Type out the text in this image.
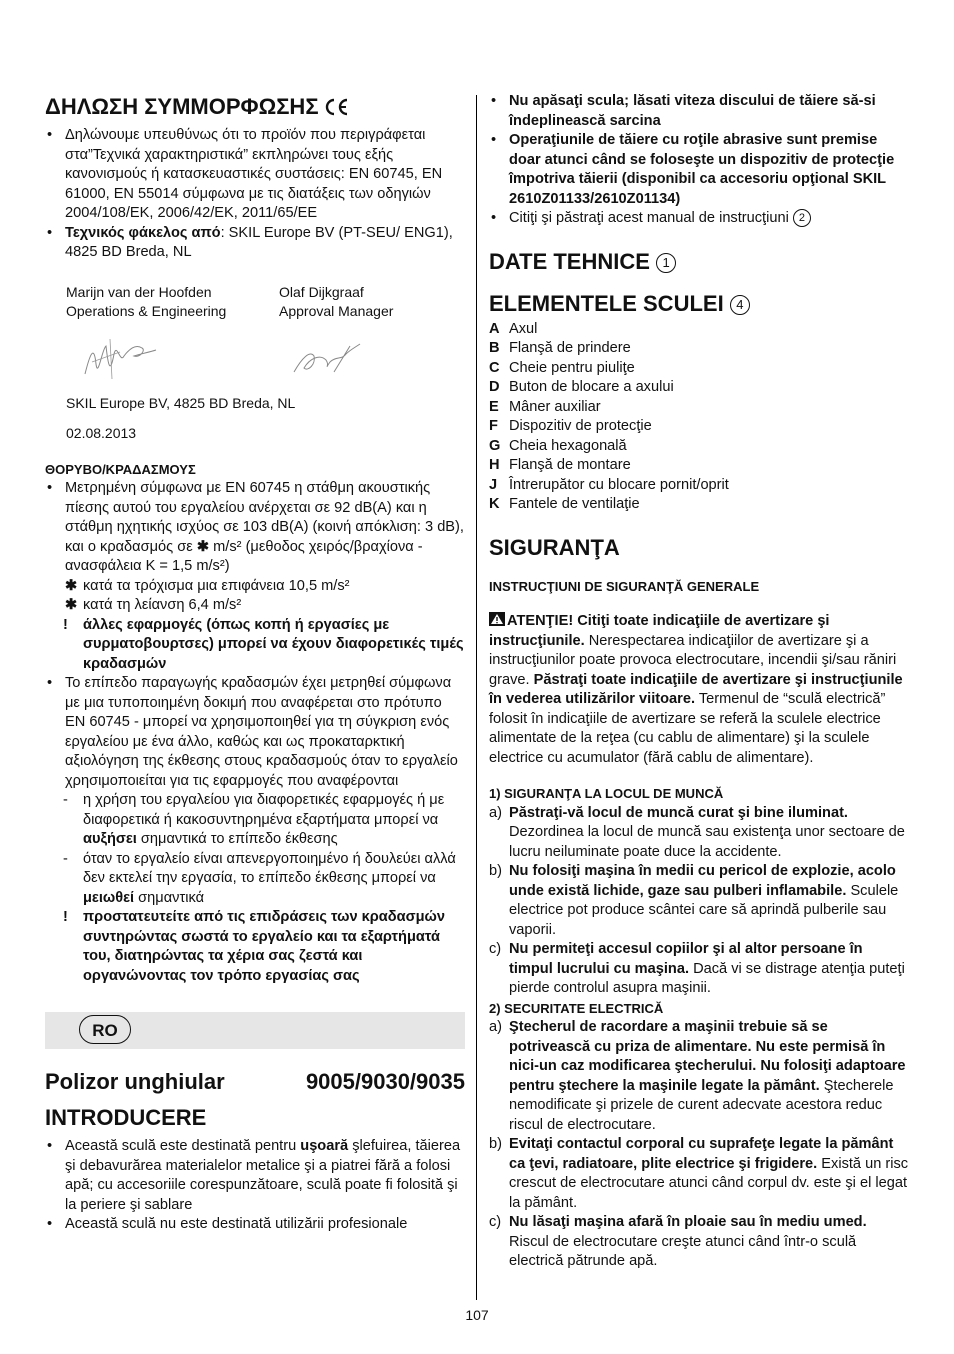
ΔΗΛΩΣΗ ΣΥΜΜΟΡΦΩΣΗΣ
• Δηλώνουμε υπευθύνως ότι το προϊόν που περιγράφεται στα”Τεχνικά χαρακτηριστικά” εκπληρώνει τους εξής κανονισμούς ή κατασκευαστικές συστάσεις: EN 60745, EN 61000, EN 55014 σύμφωνα με τις διατάξεις των οδηγιών 2004/108/EK, 2006/42/EK, 2011/65/EE
• Τεχνικός φάκελος από: SKIL Europe BV (PT-SEU/ ENG1), 4825 BD Breda, NL
Marijn van der Hoofden
Operations & Engineering
Olaf Dijkgraaf
Approval Manager
SKIL Europe BV, 4825 BD Breda, NL
02.08.2013
ΘΟΡΥΒΟ/ΚΡΑΔΑΣΜΟΥΣ
• Μετρημένη σύμφωνα με EN 60745 η στάθμη ακουστικής πίεσης αυτού του εργαλείου ανέρχεται σε 92 dB(A) και η στάθμη ηχητικής ισχύος σε 103 dB(A) (κοινή απόκλιση: 3 dB), και ο κραδασμός σε ✱ m/s² (μεθοδος χειρός/βραχίονα - ανασφάλεια K = 1,5 m/s²)
✱ κατά τα τρόχισμα μια επιφάνεια 10,5 m/s²
✱ κατά τη λείανση 6,4 m/s²
! άλλες εφαρμογές (όπως κοπή ή εργασίες με συρματοβουρτσες) μπορεί να έχουν διαφορετικές τιμές κραδασμών
• Το επίπεδο παραγωγής κραδασμών έχει μετρηθεί σύμφωνα με μια τυποποιημένη δοκιμή που αναφέρεται στο πρότυπο EN 60745 - μπορεί να χρησιμοποιηθεί για τη σύγκριση ενός εργαλείου με ένα άλλο, καθώς και ως προκαταρκτική αξιολόγηση της έκθεσης στους κραδασμούς όταν το εργαλείο χρησιμοποιείται για τις εφαρμογές που αναφέρονται
- η χρήση του εργαλείου για διαφορετικές εφαρμογές ή με διαφορετικά ή κακοσυντηρημένα εξαρτήματα μπορεί να αυξήσει σημαντικά το επίπεδο έκθεσης
- όταν το εργαλείο είναι απενεργοποιημένο ή δουλεύει αλλά δεν εκτελεί την εργασία, το επίπεδο έκθεσης μπορεί να μειωθεί σημαντικά
! προστατευτείτε από τις επιδράσεις των κραδασμών συντηρώντας σωστά το εργαλείο και τα εξαρτήματά του, διατηρώντας τα χέρια σας ζεστά και οργανώνοντας τον τρόπο εργασίας σας
RO
Polizor unghiular	9005/9030/9035
INTRODUCERE
• Această sculă este destinată pentru uşoară şlefuirea, tăierea şi debavurărea materialelor metalice şi a piatrei fără a folosi apă; cu accesoriile corespunzătoare, sculă poate fi folosită şi la periere şi sablare
• Această sculă nu este destinată utilizării profesionale
• Nu apăsaţi scula; lăsati viteza discului de tăiere să-si îndeplinească sarcina
• Operaţiunile de tăiere cu roţile abrasive sunt premise doar atunci când se foloseşte un dispozitiv de protecţie împotriva tăierii (disponibil ca accesoriu opţional SKIL 2610Z01133/2610Z01134)
• Citiţi şi păstraţi acest manual de instrucţiuni 2
DATE TEHNICE 1
ELEMENTELE SCULEI 4
A Axul
B Flanşă de prindere
C Cheie pentru piuliţe
D Buton de blocare a axului
E Mâner auxiliar
F Dispozitiv de protecţie
G Cheia hexagonală
H Flanşă de montare
J Întrerupător cu blocare pornit/oprit
K Fantele de ventilaţie
SIGURANŢA
INSTRUCŢIUNI DE SIGURANŢĂ GENERALE
ATENŢIE! Citiţi toate indicaţiile de avertizare şi instrucţiunile. Nerespectarea indicaţiilor de avertizare şi a instrucţiunilor poate provoca electrocutare, incendii şi/sau răniri grave. Păstraţi toate indicaţiile de avertizare şi instrucţiunile în vederea utilizărilor viitoare. Termenul de “sculă electrică” folosit în indicaţiile de avertizare se referă la sculele electrice alimentate de la reţea (cu cablu de alimentare) şi la sculele electrice cu acumulator (fără cablu de alimentare).
1) SIGURANŢA LA LOCUL DE MUNCĂ
a) Păstraţi-vă locul de muncă curat şi bine iluminat. Dezordinea la locul de muncă sau existenţa unor sectoare de lucru neiluminate poate duce la accidente.
b) Nu folosiţi maşina în medii cu pericol de explozie, acolo unde există lichide, gaze sau pulberi inflamabile. Sculele electrice pot produce scântei care să aprindă pulberile sau vaporii.
c) Nu permiteţi accesul copiilor şi al altor persoane în timpul lucrului cu maşina. Dacă vi se distrage atenţia puteţi pierde controlul asupra maşinii.
2) SECURITATE ELECTRICĂ
a) Ştecherul de racordare a maşinii trebuie să se potrivească cu priza de alimentare. Nu este permisă în nici-un caz modificarea ştecherului. Nu folosiţi adaptoare pentru ştechere la maşinile legate la pământ. Ştecherele nemodificate şi prizele de curent adecvate acestora reduc riscul de electrocutare.
b) Evitaţi contactul corporal cu suprafeţe legate la pământ ca ţevi, radiatoare, plite electrice şi frigidere. Există un risc crescut de electrocutare atunci când corpul dv. este şi el legat la pământ.
c) Nu lăsaţi maşina afară în ploaie sau în mediu umed. Riscul de electrocutare creşte atunci când într-o sculă electrică pătrunde apă.
107
